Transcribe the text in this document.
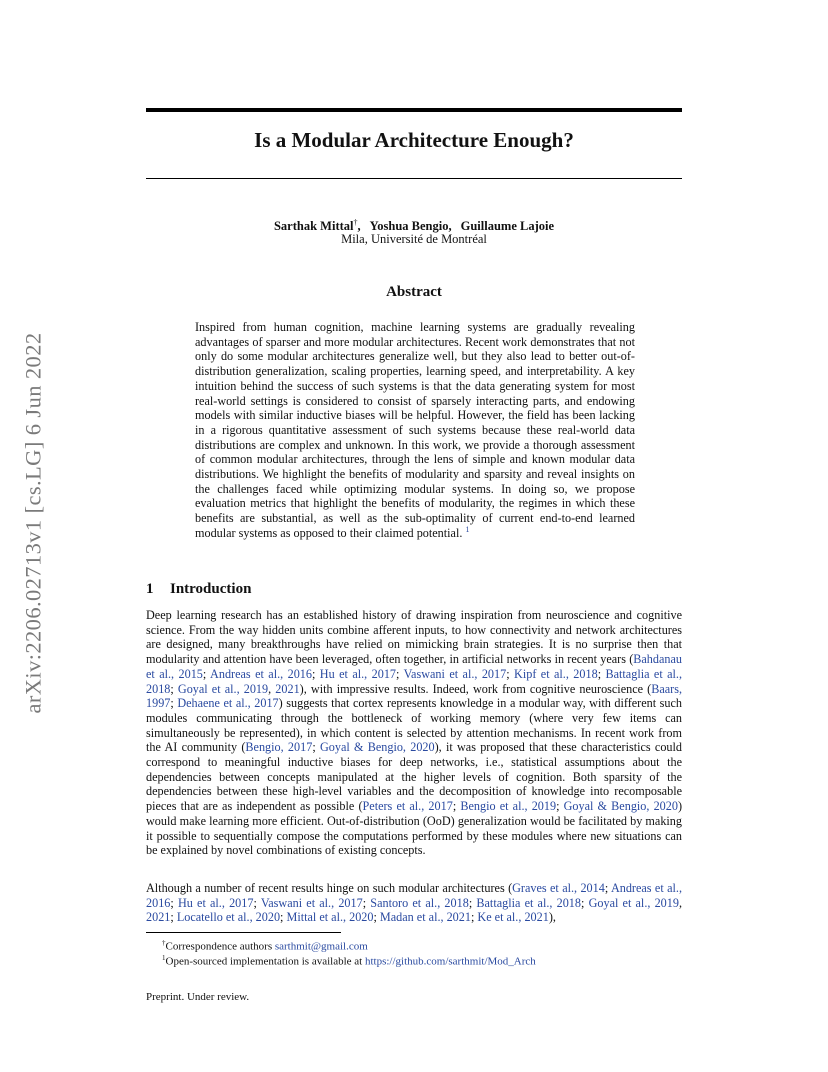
arXiv:2206.02713v1 [cs.LG] 6 Jun 2022
Is a Modular Architecture Enough?
Sarthak Mittal†, Yoshua Bengio, Guillaume Lajoie
Mila, Université de Montréal
Abstract

Inspired from human cognition, machine learning systems are gradually revealing advantages of sparser and more modular architectures. Recent work demonstrates that not only do some modular architectures generalize well, but they also lead to better out-of-distribution generalization, scaling properties, learning speed, and interpretability. A key intuition behind the success of such systems is that the data generating system for most real-world settings is considered to consist of sparsely interacting parts, and endowing models with similar inductive biases will be helpful. However, the field has been lacking in a rigorous quantitative assessment of such systems because these real-world data distributions are complex and unknown. In this work, we provide a thorough assessment of common modular architectures, through the lens of simple and known modular data distributions. We highlight the benefits of modularity and sparsity and reveal insights on the challenges faced while optimizing modular systems. In doing so, we propose evaluation metrics that highlight the benefits of modularity, the regimes in which these benefits are substantial, as well as the sub-optimality of current end-to-end learned modular systems as opposed to their claimed potential. $^1$

1 Introduction

Deep learning research has an established history of drawing inspiration from neuroscience and cognitive science. From the way hidden units combine afferent inputs, to how connectivity and network architectures are designed, many breakthroughs have relied on mimicking brain strategies. It is no surprise then that modularity and attention have been leveraged, often together, in artificial networks in recent years (Bahdanau et al., 2015; Andreas et al., 2016; Hu et al., 2017; Vaswani et al., 2017; Kipf et al., 2018; Battaglia et al., 2018; Goyal et al., 2019, 2021), with impressive results. Indeed, work from cognitive neuroscience (Baars, 1997; Dehaene et al., 2017) suggests that cortex represents knowledge in a modular way, with different such modules communicating through the bottleneck of working memory (where very few items can simultaneously be represented), in which content is selected by attention mechanisms. In recent work from the AI community (Bengio, 2017; Goyal & Bengio, 2020), it was proposed that these characteristics could correspond to meaningful inductive biases for deep networks, i.e., statistical assumptions about the dependencies between concepts manipulated at the higher levels of cognition. Both sparsity of the dependencies between these high-level variables and the decomposition of knowledge into recomposable pieces that are as independent as possible (Peters et al., 2017; Bengio et al., 2019; Goyal & Bengio, 2020) would make learning more efficient. Out-of-distribution (OoD) generalization would be facilitated by making it possible to sequentially compose the computations performed by these modules where new situations can be explained by novel combinations of existing concepts.

Although a number of recent results hinge on such modular architectures (Graves et al., 2014; Andreas et al., 2016; Hu et al., 2017; Vaswani et al., 2017; Santoro et al., 2018; Battaglia et al., 2018; Goyal et al., 2019, 2021; Locatello et al., 2020; Mittal et al., 2020; Madan et al., 2021; Ke et al., 2021),

†Correspondence authors sarthmit@gmail.com

$^1$Open-sourced implementation is available at https://github.com/sarthmit/Mod_Arch

Preprint. Under review.
